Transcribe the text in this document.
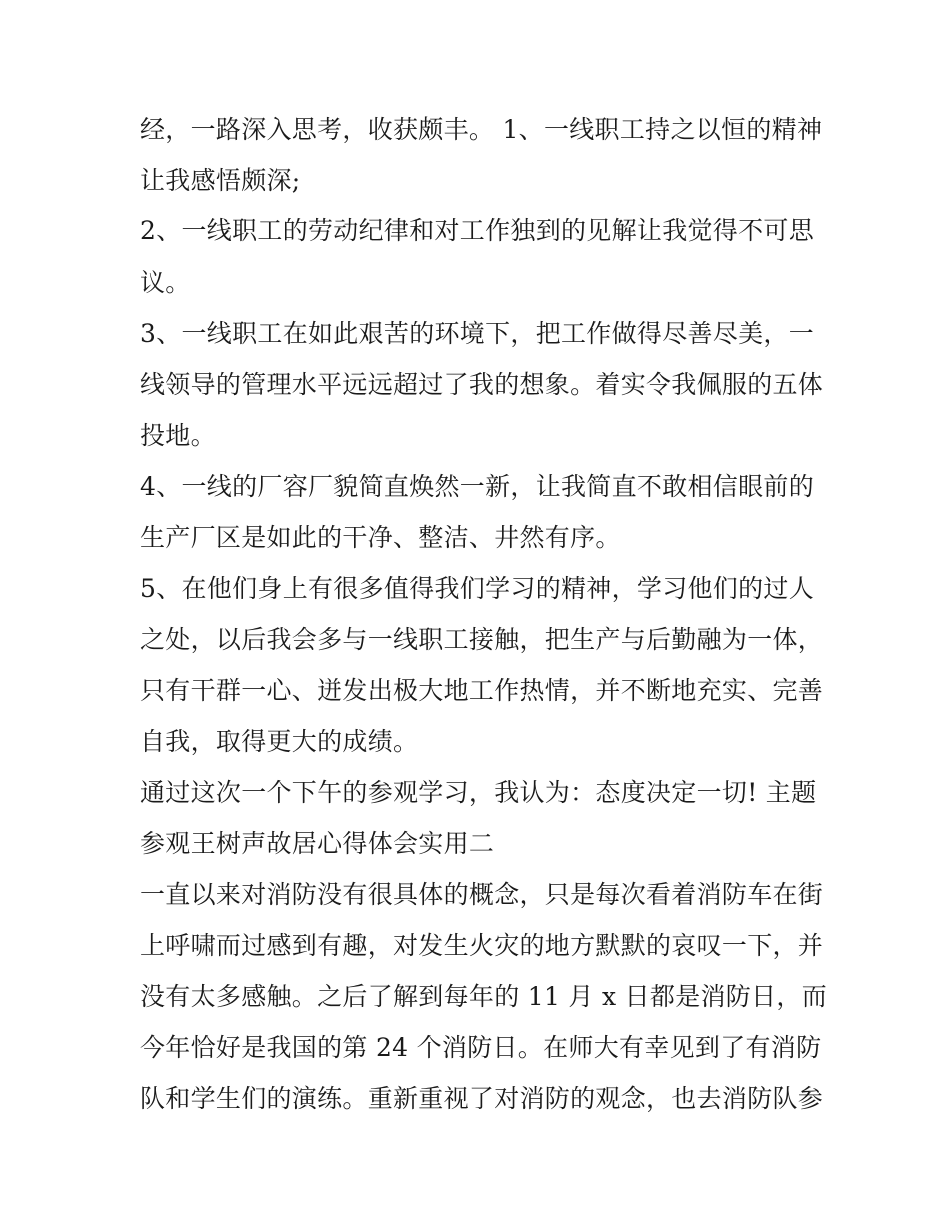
经，一路深入思考，收获颇丰。 1、一线职工持之以恒的精神
让我感悟颇深;
2、一线职工的劳动纪律和对工作独到的见解让我觉得不可思
议。
3、一线职工在如此艰苦的环境下，把工作做得尽善尽美，一
线领导的管理水平远远超过了我的想象。着实令我佩服的五体
投地。
4、一线的厂容厂貌简直焕然一新，让我简直不敢相信眼前的
生产厂区是如此的干净、整洁、井然有序。
5、在他们身上有很多值得我们学习的精神，学习他们的过人
之处，以后我会多与一线职工接触，把生产与后勤融为一体，
只有干群一心、迸发出极大地工作热情，并不断地充实、完善
自我，取得更大的成绩。
通过这次一个下午的参观学习，我认为：态度决定一切! 主题
参观王树声故居心得体会实用二
一直以来对消防没有很具体的概念，只是每次看着消防车在街
上呼啸而过感到有趣，对发生火灾的地方默默的哀叹一下，并
没有太多感触。之后了解到每年的 11 月 x 日都是消防日，而
今年恰好是我国的第 24 个消防日。在师大有幸见到了有消防
队和学生们的演练。重新重视了对消防的观念，也去消防队参
